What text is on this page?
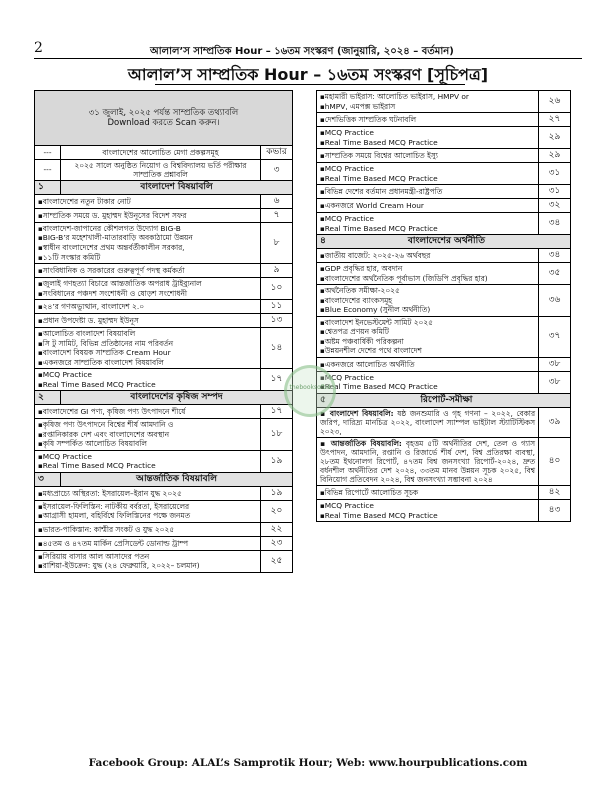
2	আলাল’স সাম্প্রতিক Hour – ১৬তম সংস্করণ (জানুয়ারি, ২০২৪ – বর্তমান)
আলাল’স সাম্প্রতিক Hour – ১৬তম সংস্করণ [সূচিপত্র]
৩১ জুলাই, ২০২৫ পর্যন্ত সাম্প্রতিক তথ্যাবলি
Download করতে Scan করুন।		

---	বাংলাদেশের আলোচিত মেগা প্রকল্পসমূহ	কভার
---	২০২৫ সালে অনুষ্ঠিত নিয়োগ ও বিশ্ববিদ্যালয় ভর্তি পরীক্ষার সাম্প্রতিক প্রশ্নাবলি	৩
১	বাংলাদেশ বিষয়াবলি	

▪ বাংলাদেশের নতুন টাকার নোট		৬

▪ সাম্প্রতিক সময়ে ড. মুহাম্মদ ইউনূসের বিদেশ সফর		৭

▪ বাংলাদেশ-জাপানের কৌশলগত উদ্যোগ BIG-B
▪ BIG-B’র মহেশখালী-মাতারবাড়ি অবকাঠামো উন্নয়ন
▪ স্বাধীন বাংলাদেশের প্রথম অন্তর্বর্তীকালীন সরকার,
▪ ১১টি সংস্কার কমিটি		৮

▪ সাংবিধানিক ও সরকারের গুরুত্বপূর্ণ পদস্থ কর্মকর্তা		৯

▪ জুলাই গণহত্যা বিচারে আন্তর্জাতিক অপরাধ ট্রাইব্যুনাল
▪ সংবিধানের পঞ্চদশ সংশোধনী ও ষোড়শ সংশোধনী		১০

▪ ২৪’র গণঅভ্যুত্থান, বাংলাদেশ ২.০		১১

▪ প্রধান উপদেষ্টা ড. মুহাম্মদ ইউনূস		১৩

▪ আলোচিত বাংলাদেশ বিষয়াবলি
▪ সি টু সামিট, বিভিন্ন প্রতিষ্ঠানের নাম পরিবর্তন
▪ বাংলাদেশ বিষয়ক সাম্প্রতিক Cream Hour
▪ একনজরে সাম্প্রতিক বাংলাদেশ বিষয়াবলি		১৪

▪ MCQ Practice
▪ Real Time Based MCQ Practice		১৭
২	বাংলাদেশের কৃষিজ সম্পদ	

▪ বাংলাদেশের GI পণ্য, কৃষিজ পণ্য উৎপাদনে শীর্ষে		১৭

▪ কৃষিজ পণ্য উৎপাদনে বিশ্বের শীর্ষ আমদানি ও
▪ রপ্তানিকারক দেশ এবং বাংলাদেশের অবস্থান
▪ কৃষি সম্পর্কিত আলোচিত বিষয়াবলি		১৮

▪ MCQ Practice
▪ Real Time Based MCQ Practice		১৯
৩	আন্তর্জাতিক বিষয়াবলি	

▪ মধ্যপ্রাচ্যে অস্থিরতা: ইসরায়েল–ইরান যুদ্ধ ২০২৫		১৯

▪ ইসরায়েল-ফিলিস্তিন: নাটকীয় বর্বরতা, ইসরায়েলের
▪ আগ্রাসী হামলা, বহির্বিশ্বে ফিলিস্তিনের পক্ষে জনমত		২০

▪ ভারত-পাকিস্তান: কাশ্মীর সংকট ও যুদ্ধ ২০২৫		২২

▪ ৪৫তম ও ৪৭তম মার্কিন প্রেসিডেন্ট ডোনাল্ড ট্রাম্প		২৩

▪ সিরিয়ায় বাসার আল আসাদের পতন
▪ রাশিয়া-ইউক্রেন: যুদ্ধ (২৪ ফেব্রুয়ারি, ২০২২– চলমান)		২৫
▪ মহামারী ভাইরাস: আলোচিত ভাইরাস, HMPV or
▪ hMPV, এমপক্স ভাইরাস	২৬

▪ দেশভিত্তিক সাম্প্রতিক ঘটনাবলি	২৭

▪ MCQ Practice
▪ Real Time Based MCQ Practice	২৯

▪ সাম্প্রতিক সময়ে বিশ্বের আলোচিত ইস্যু	২৯

▪ MCQ Practice
▪ Real Time Based MCQ Practice	৩১

▪ বিভিন্ন দেশের বর্তমান প্রধানমন্ত্রী-রাষ্ট্রপতি	৩১

▪ একনজরে World Cream Hour	৩২

▪ MCQ Practice
▪ Real Time Based MCQ Practice	৩৪

৪ বাংলাদেশের অর্থনীতি	

▪ জাতীয় বাজেট: ২০২৫-২৬ অর্থবছর	৩৪

▪ GDP প্রবৃদ্ধির হার, অবদান
▪ বাংলাদেশের অর্থনৈতিক পূর্বাভাস (জিডিপি প্রবৃদ্ধির হার)	৩৫

▪ অর্থনৈতিক সমীক্ষা-২০২৫
▪ বাংলাদেশের ব্যাংকসমূহ
▪ Blue Economy (সুনীল অর্থনীতি)	৩৬

▪ বাংলাদেশ ইনভেস্টমেন্ট সামিট ২০২৫
▪ শ্বেতপত্র প্রণয়ন কমিটি
▪ অষ্টম পঞ্চবার্ষিকী পরিকল্পনা
▪ উন্নয়নশীল দেশের পথে বাংলাদেশ	৩৭

▪ একনজরে আলোচিত অর্থনীতি	৩৮

▪ MCQ Practice
▪ Real Time Based MCQ Practice	৩৮

৫ রিপোর্ট-সমীক্ষা	
▪ বাংলাদেশ বিষয়াবলি: ষষ্ঠ জনশুমারি ও গৃহ গণনা – ২০২২, বেকার জরিপ, দারিদ্র্য মানচিত্র ২০২২, বাংলাদেশ স্যাম্পল ভাইটাল স্ট্যাটিস্টিকস ২০২৩,	৩৯
▪ আন্তর্জাতিক বিষয়াবলি: বৃহত্তম ৫টি অর্থনীতির দেশ, তেল ও গ্যাস উৎপাদন, আমদানি, রপ্তানি ও রিজার্ভে শীর্ষ দেশ, বিশ্ব প্রতিরক্ষা ব্যবস্থা, ২৮তম ইথনোলগ রিপোর্ট, ৪৭তম বিশ্ব জনসংখ্যা রিপোর্ট-২০২৪, দ্রুত বর্ধনশীল অর্থনীতির দেশ ২০২৪, ৩৩তম মানব উন্নয়ন সূচক ২০২৫, বিশ্ব বিনিয়োগ প্রতিবেদন ২০২৪, বিশ্ব জনসংখ্যা সম্ভাবনা ২০২৪	৪০

▪ বিভিন্ন রিপোর্টে আলোচিত সূচক	৪২

▪ MCQ Practice
▪ Real Time Based MCQ Practice	৪৩
thebooksofbd
Facebook Group: ALAL’s Samprotik Hour; Web: www.hourpublications.com
